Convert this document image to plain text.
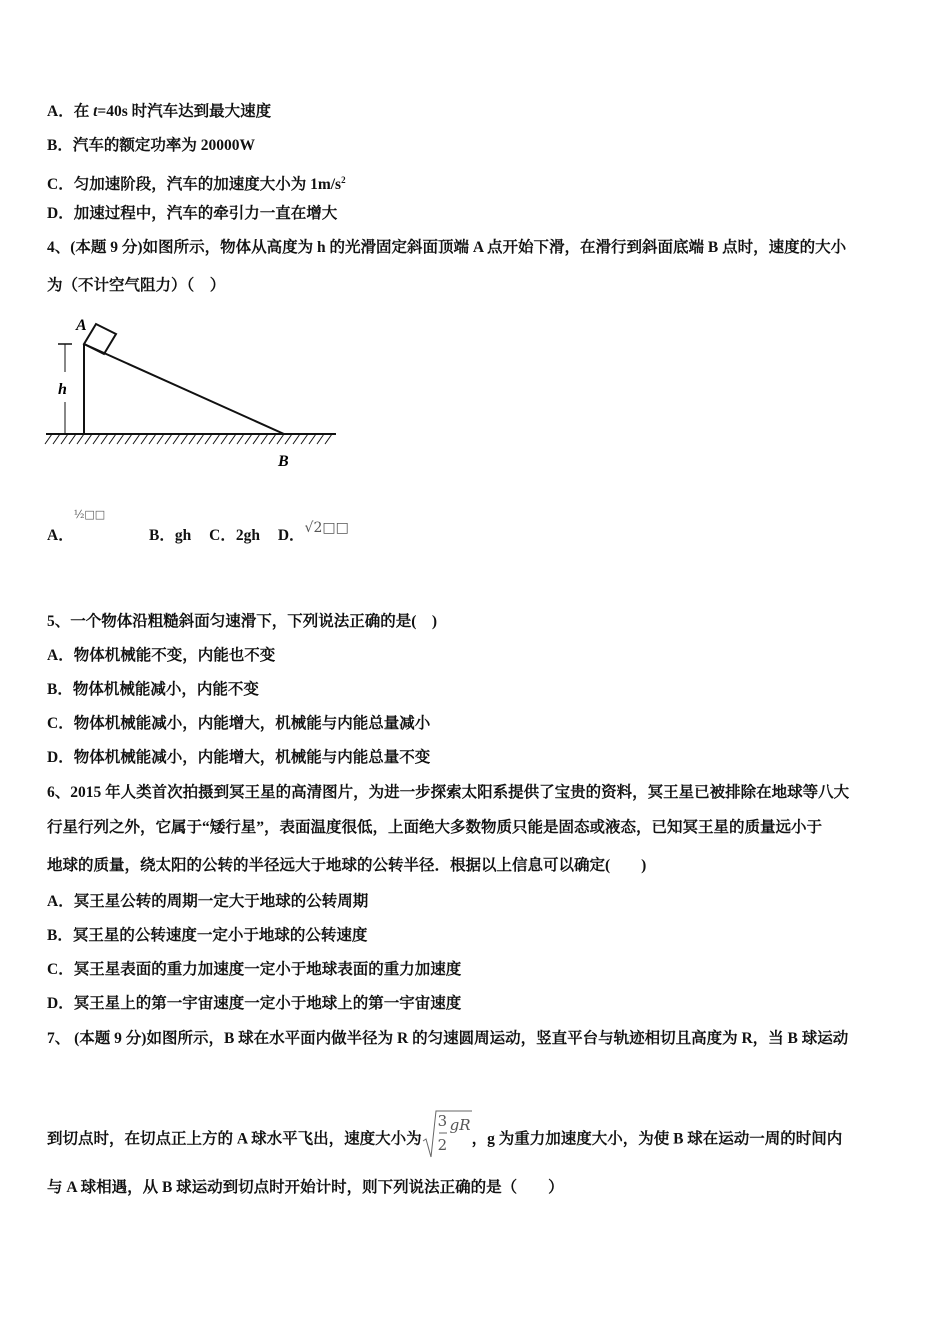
A．在 t=40s 时汽车达到最大速度
B．汽车的额定功率为 20000W
C．匀加速阶段，汽车的加速度大小为 $1m/s^2$
D．加速过程中，汽车的牵引力一直在增大
4、(本题 9 分)如图所示，物体从高度为 h 的光滑固定斜面顶端 A 点开始下滑，在滑行到斜面底端 B 点时，速度的大小
为（不计空气阻力）（　）
A
h
B
A．$^{\frac{1}{2}□□}$ B．gh C．2gh D．√2□□
5、一个物体沿粗糙斜面匀速滑下，下列说法正确的是(　)
A．物体机械能不变，内能也不变
B．物体机械能减小，内能不变
C．物体机械能减小，内能增大，机械能与内能总量减小
D．物体机械能减小，内能增大，机械能与内能总量不变
6、2015 年人类首次拍摄到冥王星的高清图片，为进一步探索太阳系提供了宝贵的资料，冥王星已被排除在地球等八大
行星行列之外，它属于“矮行星”，表面温度很低，上面绝大多数物质只能是固态或液态，已知冥王星的质量远小于
地球的质量，绕太阳的公转的半径远大于地球的公转半径．根据以上信息可以确定(　　)
A．冥王星公转的周期一定大于地球的公转周期
B．冥王星的公转速度一定小于地球的公转速度
C．冥王星表面的重力加速度一定小于地球表面的重力加速度
D．冥王星上的第一宇宙速度一定小于地球上的第一宇宙速度
7、 (本题 9 分)如图所示，B 球在水平面内做半径为 R 的匀速圆周运动，竖直平台与轨迹相切且高度为 R，当 B 球运动
到切点时，在切点正上方的 A 球水平飞出，速度大小为
3
2
gR
，g 为重力加速度大小，为使 B 球在运动一周的时间内
与 A 球相遇，从 B 球运动到切点时开始计时，则下列说法正确的是（　　）
